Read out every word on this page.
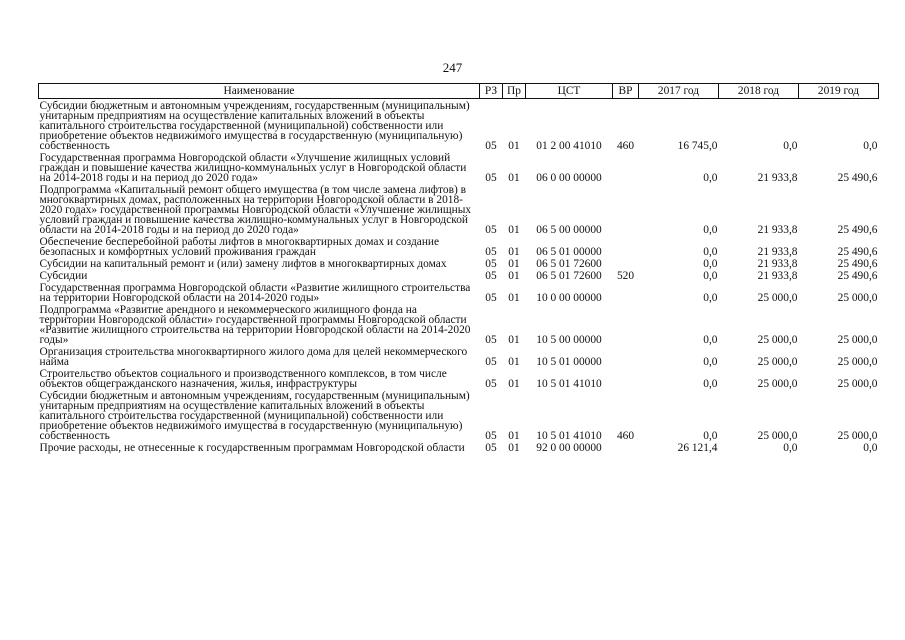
247
Наименование	РЗ	Пр	ЦСТ	ВР	2017 год	2018 год	2019 год
Субсидии бюджетным и автономным учреждениям, государственным (муниципальным) унитарным предприятиям на осуществление капитальных вложений в объекты капитального строительства государственной (муниципальной) собственности или приобретение объектов недвижимого имущества в государственную (муниципальную) собственность	05	01	01 2 00 41010	460	16 745,0	0,0	0,0
Государственная программа Новгородской области «Улучшение жилищных условий граждан и повышение качества жилищно-коммунальных услуг в Новгородской области на 2014-2018 годы и на период до 2020 года»	05	01	06 0 00 00000		0,0	21 933,8	25 490,6
Подпрограмма «Капитальный ремонт общего имущества (в том числе замена лифтов) в многоквартирных домах, расположенных на территории Новгородской области в 2018-2020 годах» государственной программы Новгородской области «Улучшение жилищных условий граждан и повышение качества жилищно-коммунальных услуг в Новгородской области на 2014-2018 годы и на период до 2020 года»	05	01	06 5 00 00000		0,0	21 933,8	25 490,6
Обеспечение бесперебойной работы лифтов в многоквартирных домах и создание безопасных и комфортных условий проживания граждан	05	01	06 5 01 00000		0,0	21 933,8	25 490,6
Субсидии на капитальный ремонт и (или) замену лифтов в многоквартирных домах	05	01	06 5 01 72600		0,0	21 933,8	25 490,6
Субсидии	05	01	06 5 01 72600	520	0,0	21 933,8	25 490,6
Государственная программа Новгородской области «Развитие жилищного строительства на территории Новгородской области на 2014-2020 годы»	05	01	10 0 00 00000		0,0	25 000,0	25 000,0
Подпрограмма «Развитие арендного и некоммерческого жилищного фонда на территории Новгородской области» государственной программы Новгородской области «Развитие жилищного строительства на территории Новгородской области на 2014-2020 годы»	05	01	10 5 00 00000		0,0	25 000,0	25 000,0
Организация строительства многоквартирного жилого дома для целей некоммерческого найма	05	01	10 5 01 00000		0,0	25 000,0	25 000,0
Строительство объектов социального и производственного комплексов, в том числе объектов общегражданского назначения, жилья, инфраструктуры	05	01	10 5 01 41010		0,0	25 000,0	25 000,0
Субсидии бюджетным и автономным учреждениям, государственным (муниципальным) унитарным предприятиям на осуществление капитальных вложений в объекты капитального строительства государственной (муниципальной) собственности или приобретение объектов недвижимого имущества в государственную (муниципальную) собственность	05	01	10 5 01 41010	460	0,0	25 000,0	25 000,0
Прочие расходы, не отнесенные к государственным программам Новгородской области	05	01	92 0 00 00000		26 121,4	0,0	0,0
